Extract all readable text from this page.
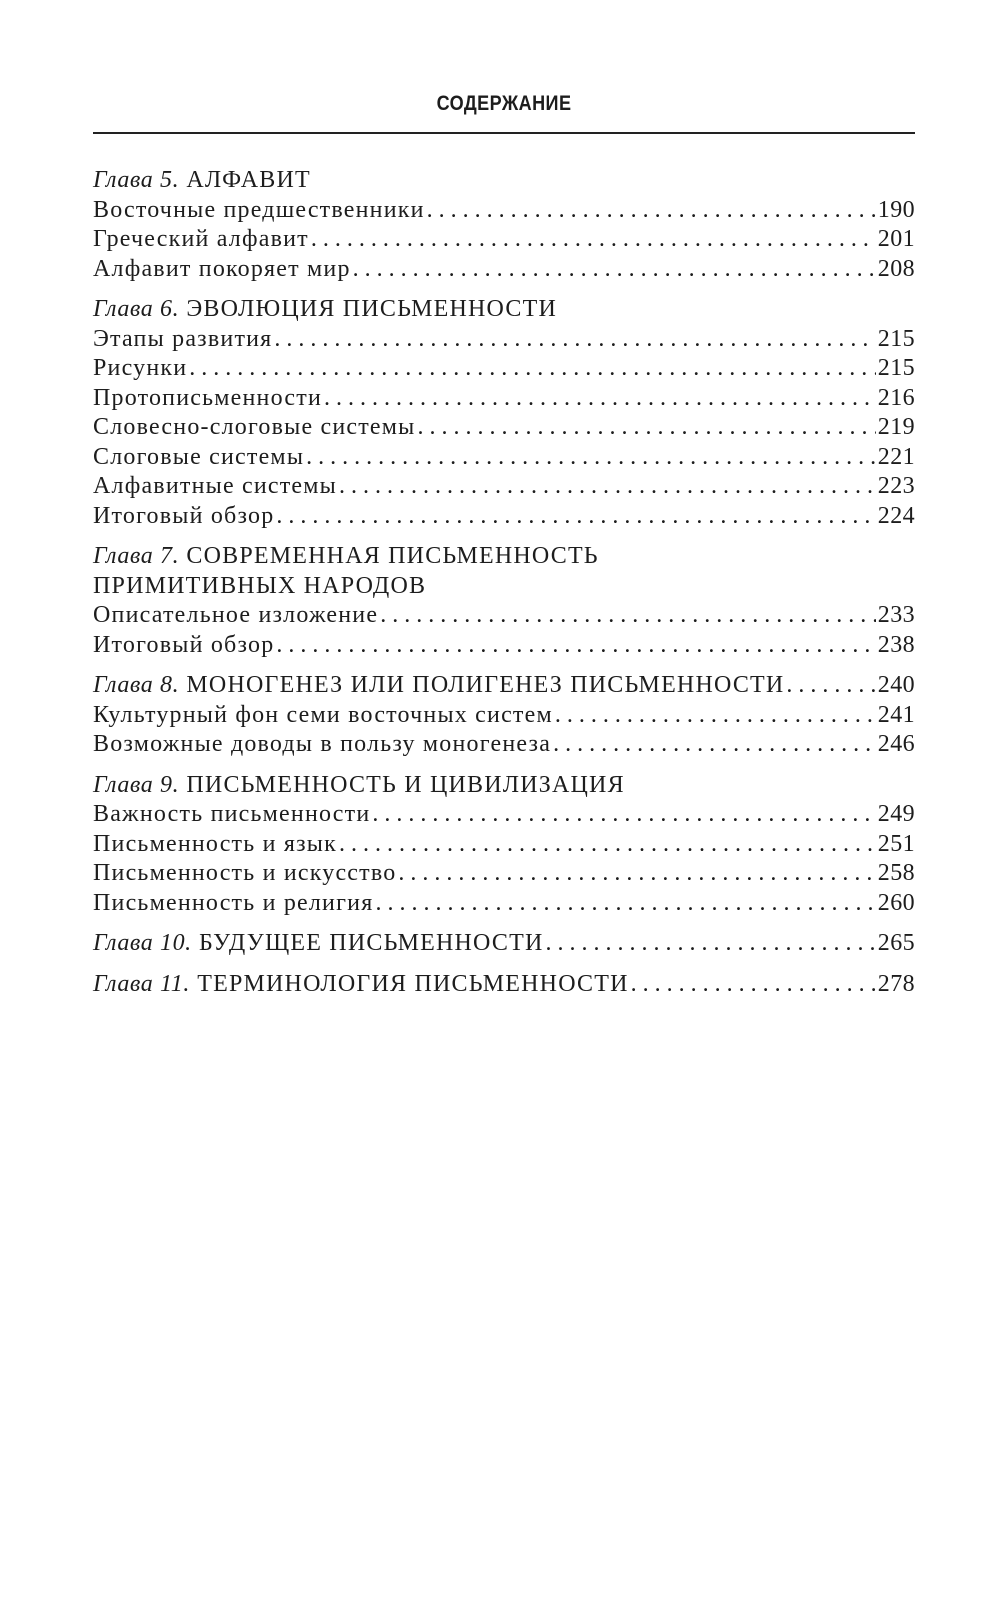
СОДЕРЖАНИЕ
Глава 5. АЛФАВИТ
Восточные предшественники . . .	190
Греческий алфавит . . .	201
Алфавит покоряет мир . . .	208
Глава 6. ЭВОЛЮЦИЯ ПИСЬМЕННОСТИ
Этапы развития . . .	215
Рисунки . . .	215
Протописьменности . . .	216
Словесно-слоговые системы . . .	219
Слоговые системы . . .	221
Алфавитные системы . . .	223
Итоговый обзор . . .	224
Глава 7. СОВРЕМЕННАЯ ПИСЬМЕННОСТЬ
ПРИМИТИВНЫХ НАРОДОВ
Описательное изложение . . .	233
Итоговый обзор . . .	238
Глава 8. МОНОГЕНЕЗ ИЛИ ПОЛИГЕНЕЗ ПИСЬМЕННОСТИ . . .	240
Культурный фон семи восточных систем . . .	241
Возможные доводы в пользу моногенеза . . .	246
Глава 9. ПИСЬМЕННОСТЬ И ЦИВИЛИЗАЦИЯ
Важность письменности . . .	249
Письменность и язык . . .	251
Письменность и искусство . . .	258
Письменность и религия . . .	260
Глава 10. БУДУЩЕЕ ПИСЬМЕННОСТИ . . .	265
Глава 11. ТЕРМИНОЛОГИЯ ПИСЬМЕННОСТИ . . .	278
